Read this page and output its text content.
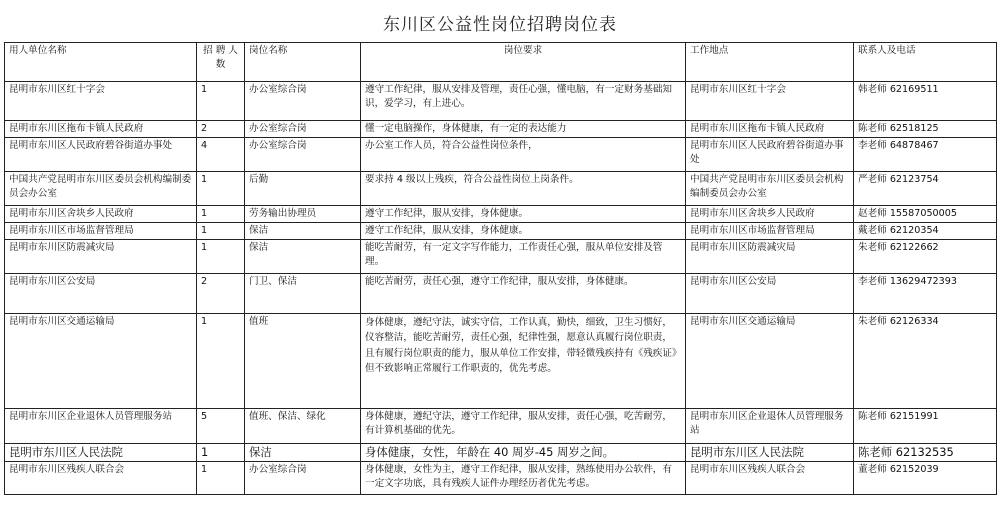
东川区公益性岗位招聘岗位表
用人单位名称	招 聘 人数	岗位名称	岗位要求	工作地点	联系人及电话
昆明市东川区红十字会	1	办公室综合岗	遵守工作纪律，服从安排及管理，责任心强，懂电脑，有一定财务基础知识，爱学习，有上进心。	昆明市东川区红十字会	韩老师 62169511
昆明市东川区拖布卡镇人民政府	2	办公室综合岗	懂一定电脑操作，身体健康，有一定的表达能力	昆明市东川区拖布卡镇人民政府	陈老师 62518125
昆明市东川区人民政府碧谷街道办事处	4	办公室综合岗	办公室工作人员，符合公益性岗位条件，	昆明市东川区人民政府碧谷街道办事处	李老师 64878467
中国共产党昆明市东川区委员会机构编制委员会办公室	1	后勤	要求持 4 级以上残疾，符合公益性岗位上岗条件。	中国共产党昆明市东川区委员会机构编制委员会办公室	严老师 62123754
昆明市东川区舍块乡人民政府	1	劳务输出协理员	遵守工作纪律，服从安排，身体健康。	昆明市东川区舍块乡人民政府	赵老师 15587050005
昆明市东川区市场监督管理局	1	保洁	遵守工作纪律，服从安排，身体健康。	昆明市东川区市场监督管理局	戴老师 62120354
昆明市东川区防震减灾局	1	保洁	能吃苦耐劳，有一定文字写作能力，工作责任心强，服从单位安排及管理。	昆明市东川区防震减灾局	朱老师 62122662
昆明市东川区公安局	2	门卫、保洁	能吃苦耐劳，责任心强，遵守工作纪律，服从安排，身体健康。	昆明市东川区公安局	李老师 13629472393
昆明市东川区交通运输局	1	值班	身体健康，遵纪守法，诚实守信，工作认真，勤快，细致，卫生习惯好，仪容整洁，能吃苦耐劳，责任心强，纪律性强，愿意认真履行岗位职责，且有履行岗位职责的能力，服从单位工作安排，带轻微残疾持有《残疾证》但不致影响正常履行工作职责的，优先考虑。	昆明市东川区交通运输局	朱老师 62126334
昆明市东川区企业退休人员管理服务站	5	值班、保洁、绿化	身体健康，遵纪守法，遵守工作纪律，服从安排，责任心强，吃苦耐劳，有计算机基础的优先。	昆明市东川区企业退休人员管理服务站	陈老师 62151991
昆明市东川区人民法院	1	保洁	身体健康，女性，年龄在 40 周岁-45 周岁之间。	昆明市东川区人民法院	陈老师 62132535
昆明市东川区残疾人联合会	1	办公室综合岗	身体健康，女性为主，遵守工作纪律，服从安排，熟练使用办公软件，有一定文字功底，具有残疾人证件办理经历者优先考虑。	昆明市东川区残疾人联合会	董老师 62152039
